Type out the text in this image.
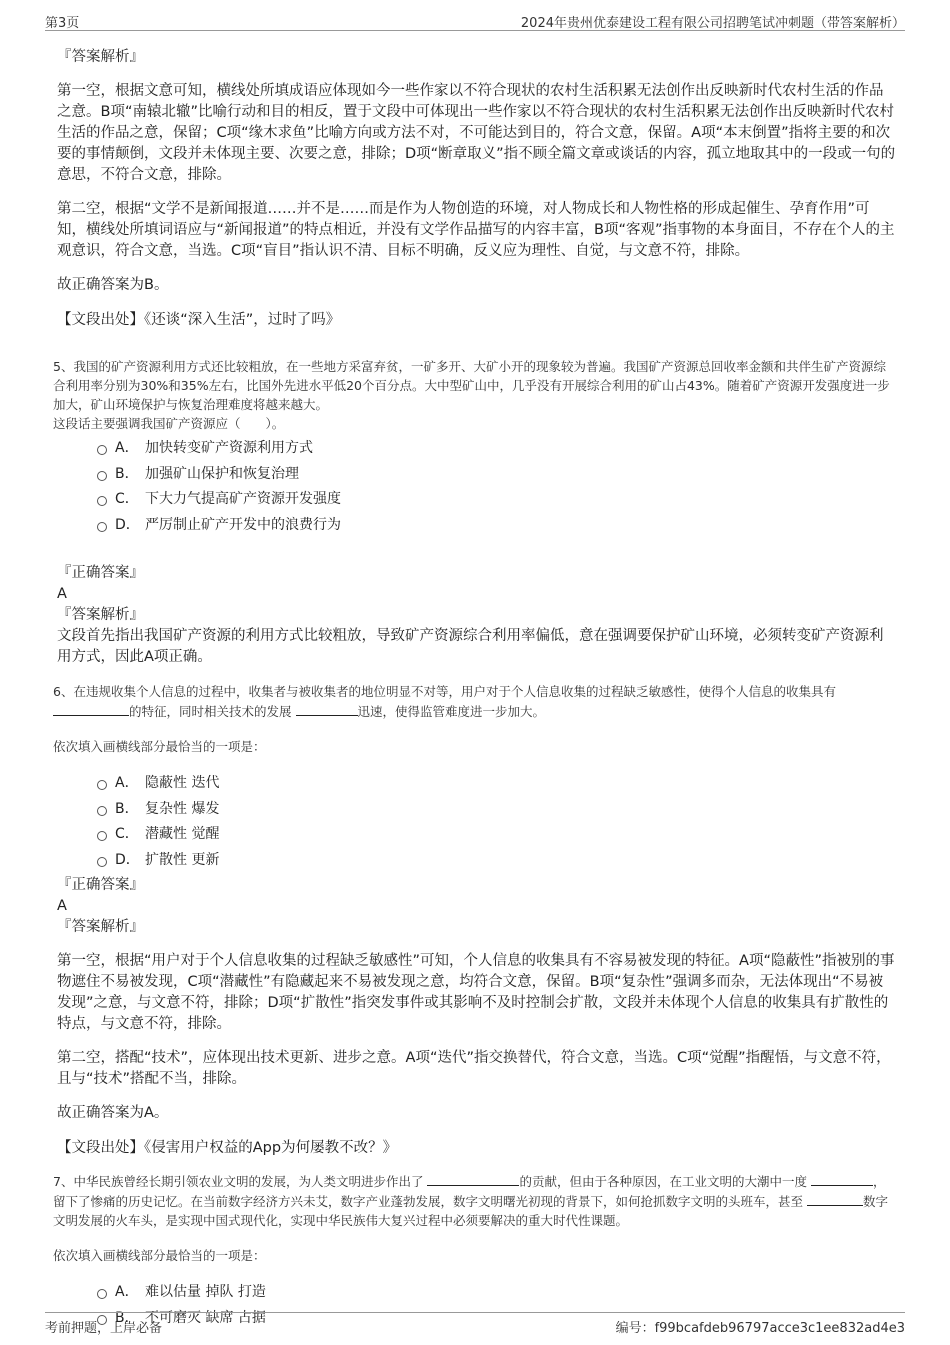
第3页	2024年贵州优泰建设工程有限公司招聘笔试冲刺题（带答案解析）

『答案解析』

第一空，根据文意可知，横线处所填成语应体现如今一些作家以不符合现状的农村生活积累无法创作出反映新时代农村生活的作品之意。B项“南辕北辙”比喻行动和目的相反，置于文段中可体现出一些作家以不符合现状的农村生活积累无法创作出反映新时代农村生活的作品之意，保留；C项“缘木求鱼”比喻方向或方法不对，不可能达到目的，符合文意，保留。A项“本末倒置”指将主要的和次要的事情颠倒，文段并未体现主要、次要之意，排除；D项“断章取义”指不顾全篇文章或谈话的内容，孤立地取其中的一段或一句的意思，不符合文意，排除。

第二空，根据“文学不是新闻报道……并不是……而是作为人物创造的环境，对人物成长和人物性格的形成起催生、孕育作用”可知，横线处所填词语应与“新闻报道”的特点相近，并没有文学作品描写的内容丰富，B项“客观”指事物的本身面目，不存在个人的主观意识，符合文意，当选。C项“盲目”指认识不清、目标不明确，反义应为理性、自觉，与文意不符，排除。

故正确答案为B。

【文段出处】《还谈“深入生活”，过时了吗》

5、我国的矿产资源利用方式还比较粗放，在一些地方采富弃贫，一矿多开、大矿小开的现象较为普遍。我国矿产资源总回收率金额和共伴生矿产资源综合利用率分别为30%和35%左右，比国外先进水平低20个百分点。大中型矿山中，几乎没有开展综合利用的矿山占43%。随着矿产资源开发强度进一步加大，矿山环境保护与恢复治理难度将越来越大。

这段话主要强调我国矿产资源应（　　）。

A． 加快转变矿产资源利用方式
B． 加强矿山保护和恢复治理
C． 下大力气提高矿产资源开发强度
D． 严厉制止矿产开发中的浪费行为

『正确答案』

A

『答案解析』

文段首先指出我国矿产资源的利用方式比较粗放，导致矿产资源综合利用率偏低，意在强调要保护矿山环境，必须转变矿产资源利用方式，因此A项正确。

6、在违规收集个人信息的过程中，收集者与被收集者的地位明显不对等，用户对于个人信息收集的过程缺乏敏感性，使得个人信息的收集具有的特征，同时相关技术的发展	迅速，使得监管难度进一步加大。

依次填入画横线部分最恰当的一项是：

A． 隐蔽性 迭代
B． 复杂性 爆发
C． 潜藏性 觉醒
D． 扩散性 更新

『正确答案』

A

『答案解析』

第一空，根据“用户对于个人信息收集的过程缺乏敏感性”可知，个人信息的收集具有不容易被发现的特征。A项“隐蔽性”指被别的事物遮住不易被发现，C项“潜藏性”有隐藏起来不易被发现之意，均符合文意，保留。B项“复杂性”强调多而杂，无法体现出“不易被发现”之意，与文意不符，排除；D项“扩散性”指突发事件或其影响不及时控制会扩散，文段并未体现个人信息的收集具有扩散性的特点，与文意不符，排除。

第二空，搭配“技术”，应体现出技术更新、进步之意。A项“迭代”指交换替代，符合文意，当选。C项“觉醒”指醒悟，与文意不符，且与“技术”搭配不当，排除。

故正确答案为A。

【文段出处】《侵害用户权益的App为何屡教不改？》

7、中华民族曾经长期引领农业文明的发展，为人类文明进步作出了	的贡献，但由于各种原因，在工业文明的大潮中一度	，留下了惨痛的历史记忆。在当前数字经济方兴未艾，数字产业蓬勃发展，数字文明曙光初现的背景下，如何抢抓数字文明的头班车，甚至	数字文明发展的火车头，是实现中国式现代化，实现中华民族伟大复兴过程中必须要解决的重大时代性课题。

依次填入画横线部分最恰当的一项是：

A． 难以估量 掉队 打造
B． 不可磨灭 缺席 占据
考前押题，上岸必备	编号：f99bcafdeb96797acce3c1ee832ad4e3
